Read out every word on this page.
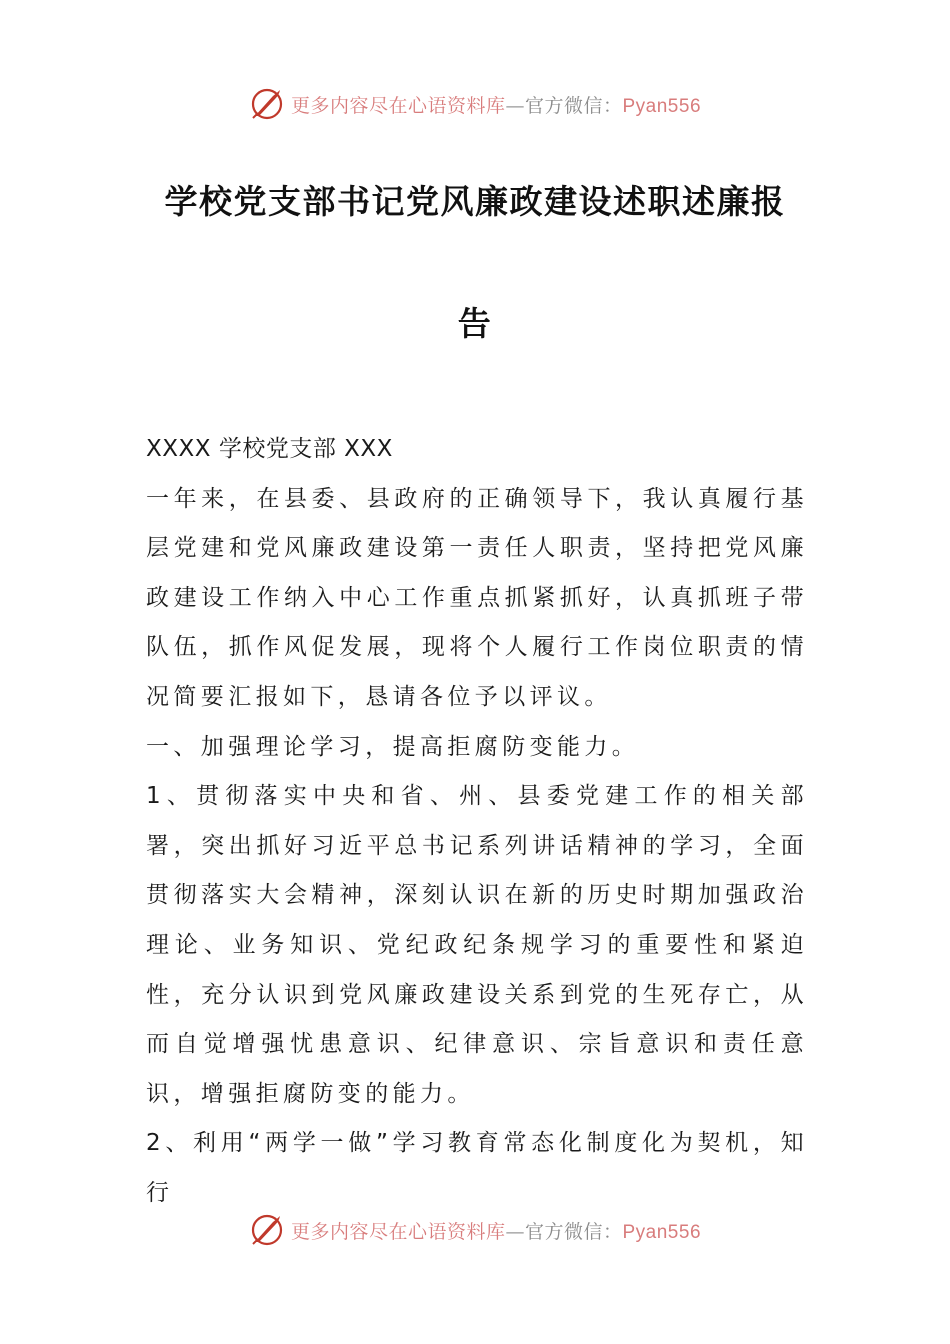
更多内容尽在心语资料库—官方微信：Pyan556
学校党支部书记党风廉政建设述职述廉报
告

XXXX 学校党支部 XXX

一年来，在县委、县政府的正确领导下，我认真履行基层党建和党风廉政建设第一责任人职责，坚持把党风廉政建设工作纳入中心工作重点抓紧抓好，认真抓班子带队伍，抓作风促发展，现将个人履行工作岗位职责的情况简要汇报如下，恳请各位予以评议。

一、加强理论学习，提高拒腐防变能力。

1、贯彻落实中央和省、州、县委党建工作的相关部署，突出抓好习近平总书记系列讲话精神的学习，全面贯彻落实大会精神，深刻认识在新的历史时期加强政治理论、业务知识、党纪政纪条规学习的重要性和紧迫性，充分认识到党风廉政建设关系到党的生死存亡，从而自觉增强忧患意识、纪律意识、宗旨意识和责任意识，增强拒腐防变的能力。

2、利用“两学一做”学习教育常态化制度化为契机，知行

更多内容尽在心语资料库—官方微信：Pyan556
